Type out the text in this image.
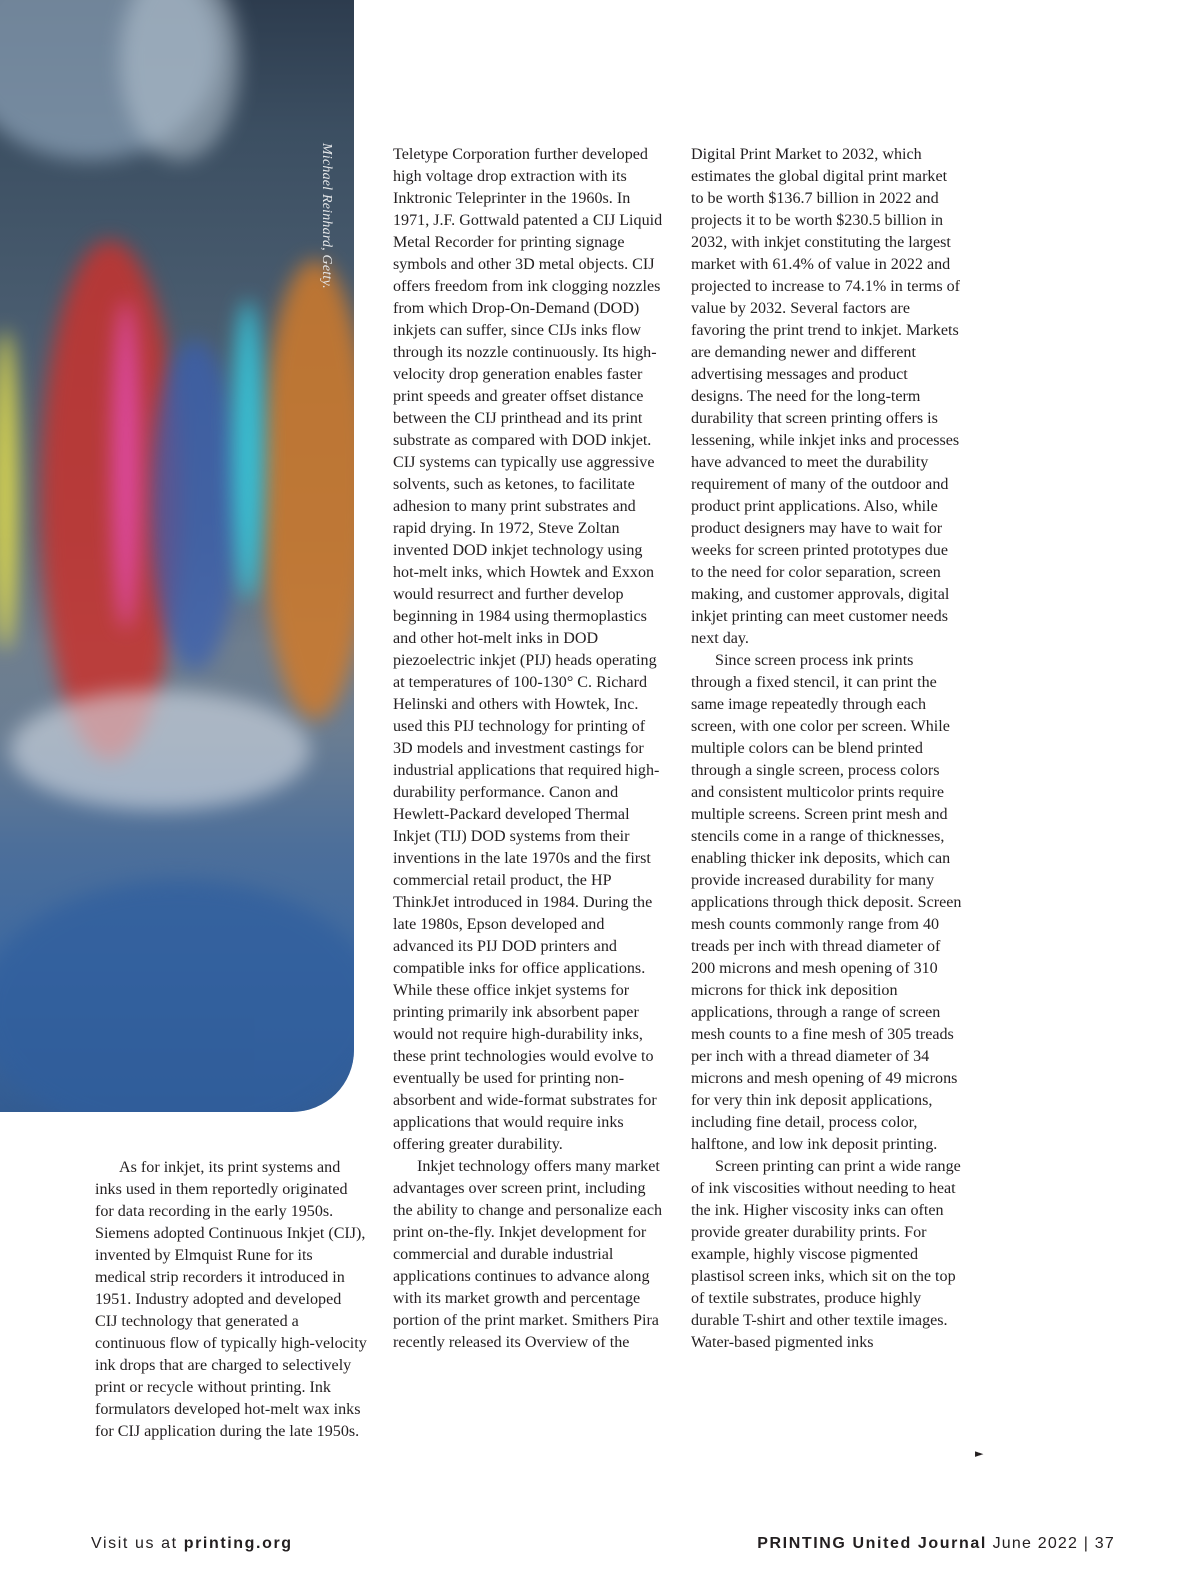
Michael Reinhard, Getty.

As for inkjet, its print systems and inks used in them reportedly originated for data recording in the early 1950s. Siemens adopted Continuous Inkjet (CIJ), invented by Elmquist Rune for its medical strip recorders it introduced in 1951. Industry adopted and developed CIJ technology that generated a continuous flow of typically high-velocity ink drops that are charged to selectively print or recycle without printing. Ink formulators developed hot-melt wax inks for CIJ application during the late 1950s.

Teletype Corporation further developed high voltage drop extraction with its Inktronic Teleprinter in the 1960s. In 1971, J.F. Gottwald patented a CIJ Liquid Metal Recorder for printing signage symbols and other 3D metal objects. CIJ offers freedom from ink clogging nozzles from which Drop-On-Demand (DOD) inkjets can suffer, since CIJs inks flow through its nozzle continuously. Its high-velocity drop generation enables faster print speeds and greater offset distance between the CIJ printhead and its print substrate as compared with DOD inkjet. CIJ systems can typically use aggressive solvents, such as ketones, to facilitate adhesion to many print substrates and rapid drying. In 1972, Steve Zoltan invented DOD inkjet technology using hot-melt inks, which Howtek and Exxon would resurrect and further develop beginning in 1984 using thermoplastics and other hot-melt inks in DOD piezoelectric inkjet (PIJ) heads operating at temperatures of 100-130° C. Richard Helinski and others with Howtek, Inc. used this PIJ technology for printing of 3D models and investment castings for industrial applications that required high-durability performance. Canon and Hewlett-Packard developed Thermal Inkjet (TIJ) DOD systems from their inventions in the late 1970s and the first commercial retail product, the HP ThinkJet introduced in 1984. During the late 1980s, Epson developed and advanced its PIJ DOD printers and compatible inks for office applications. While these office inkjet systems for printing primarily ink absorbent paper would not require high-durability inks, these print technologies would evolve to eventually be used for printing non-absorbent and wide-format substrates for applications that would require inks offering greater durability.

Inkjet technology offers many market advantages over screen print, including the ability to change and personalize each print on-the-fly. Inkjet development for commercial and durable industrial applications continues to advance along with its market growth and percentage portion of the print market. Smithers Pira recently released its Overview of the

Digital Print Market to 2032, which estimates the global digital print market to be worth $136.7 billion in 2022 and projects it to be worth $230.5 billion in 2032, with inkjet constituting the largest market with 61.4% of value in 2022 and projected to increase to 74.1% in terms of value by 2032. Several factors are favoring the print trend to inkjet. Markets are demanding newer and different advertising messages and product designs. The need for the long-term durability that screen printing offers is lessening, while inkjet inks and processes have advanced to meet the durability requirement of many of the outdoor and product print applications. Also, while product designers may have to wait for weeks for screen printed prototypes due to the need for color separation, screen making, and customer approvals, digital inkjet printing can meet customer needs next day.

Since screen process ink prints through a fixed stencil, it can print the same image repeatedly through each screen, with one color per screen. While multiple colors can be blend printed through a single screen, process colors and consistent multicolor prints require multiple screens. Screen print mesh and stencils come in a range of thicknesses, enabling thicker ink deposits, which can provide increased durability for many applications through thick deposit. Screen mesh counts commonly range from 40 treads per inch with thread diameter of 200 microns and mesh opening of 310 microns for thick ink deposition applications, through a range of screen mesh counts to a fine mesh of 305 treads per inch with a thread diameter of 34 microns and mesh opening of 49 microns for very thin ink deposit applications, including fine detail, process color, halftone, and low ink deposit printing.

Screen printing can print a wide range of ink viscosities without needing to heat the ink. Higher viscosity inks can often provide greater durability prints. For example, highly viscose pigmented plastisol screen inks, which sit on the top of textile substrates, produce highly durable T-shirt and other textile images. Water-based pigmented inks

►
Visit us at printing.org	PRINTING United Journal June 2022 | 37
